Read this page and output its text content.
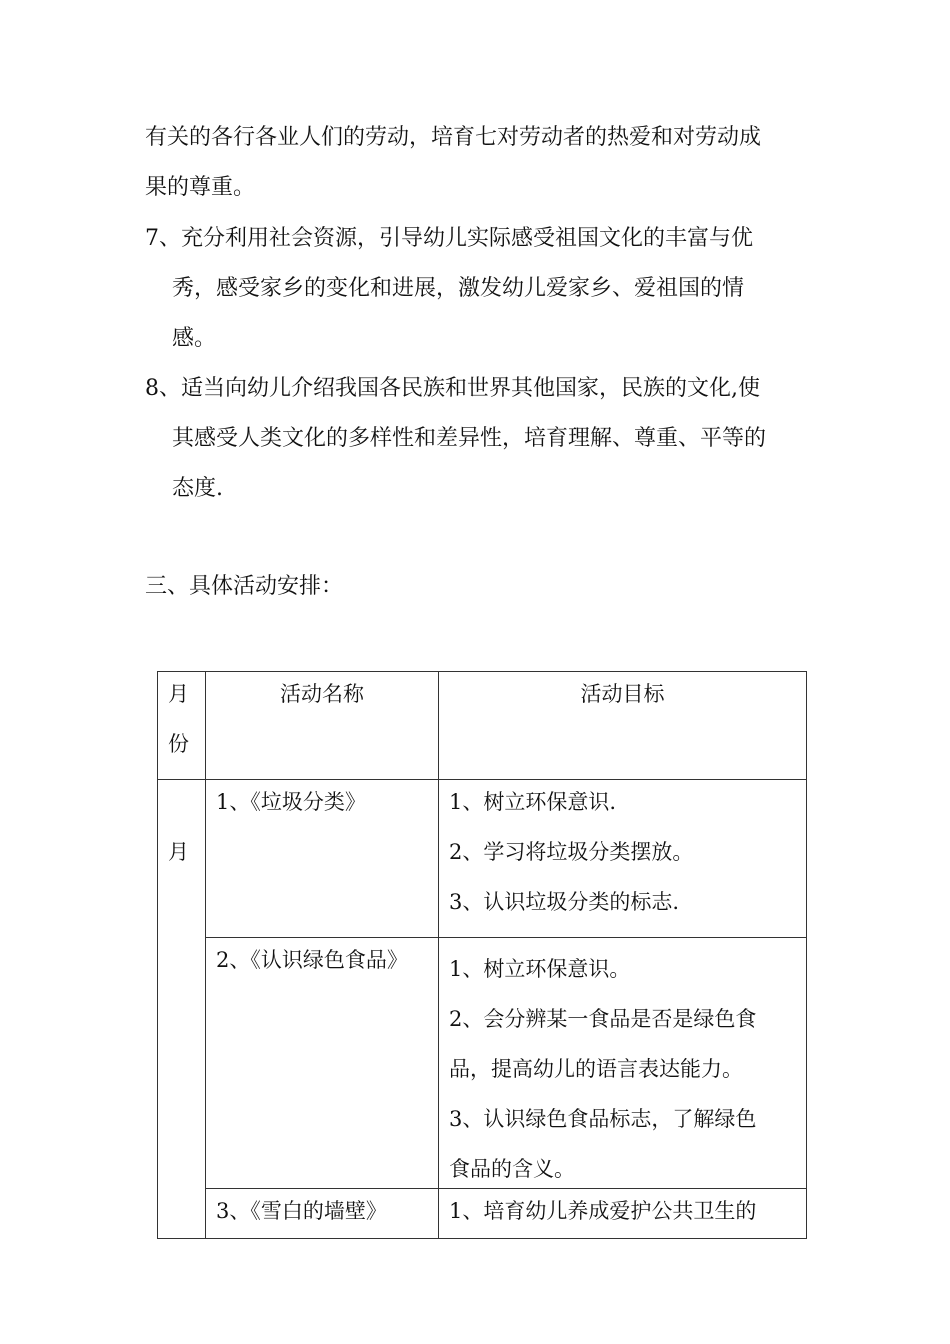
有关的各行各业人们的劳动，培育七对劳动者的热爱和对劳动成

果的尊重。

7、充分利用社会资源，引导幼儿实际感受祖国文化的丰富与优

秀，感受家乡的变化和进展，激发幼儿爱家乡、爱祖国的情

感。

8、适当向幼儿介绍我国各民族和世界其他国家，民族的文化,使

其感受人类文化的多样性和差异性，培育理解、尊重、平等的

态度.

三、具体活动安排：

月
份	活动名称	活动目标

月	1、《垃圾分类》	1、树立环保意识.
2、学习将垃圾分类摆放。
3、认识垃圾分类的标志.

	2、《认识绿色食品》	1、树立环保意识。
2、会分辨某一食品是否是绿色食
品，提高幼儿的语言表达能力。
3、认识绿色食品标志，了解绿色
食品的含义。

	3、《雪白的墙壁》	1、培育幼儿养成爱护公共卫生的
